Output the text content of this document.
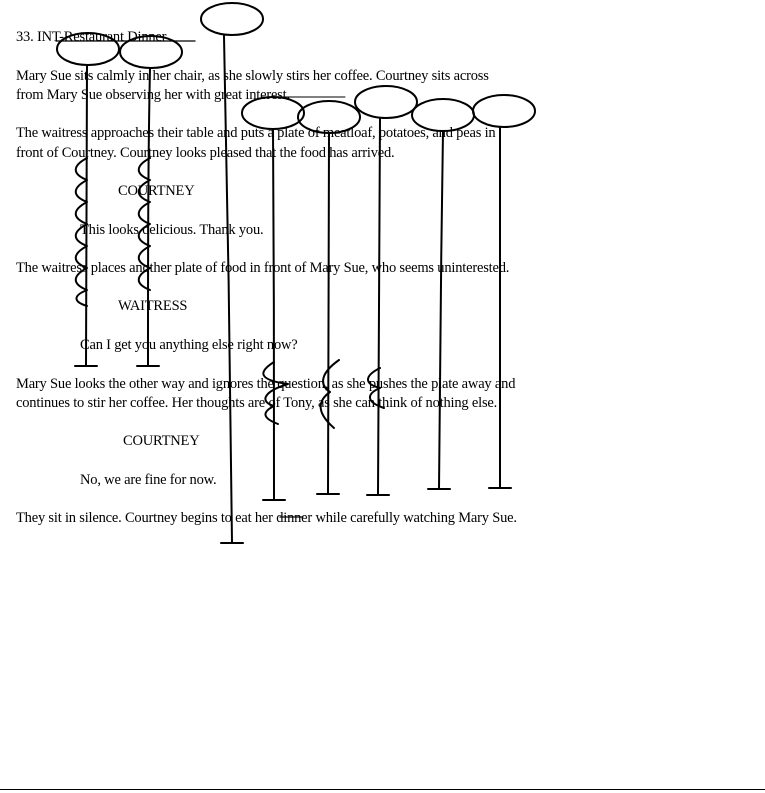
33. INT-Restaurant Dinner
Mary Sue sits calmly in her chair, as she slowly stirs her coffee. Courtney sits across
from Mary Sue observing her with great interest.
The waitress approaches their table and puts a plate of meatloaf, potatoes, and peas in
front of Courtney. Courtney looks pleased that the food has arrived.
COURTNEY
This looks delicious. Thank you.
The waitress places another plate of food in front of Mary Sue, who seems uninterested.
WAITRESS
Can I get you anything else right now?
Mary Sue looks the other way and ignores the question, as she pushes the plate away and
continues to stir her coffee. Her thoughts are of Tony, as she can think of nothing else.
COURTNEY
No, we are fine for now.
They sit in silence. Courtney begins to eat her dinner while carefully watching Mary Sue.
